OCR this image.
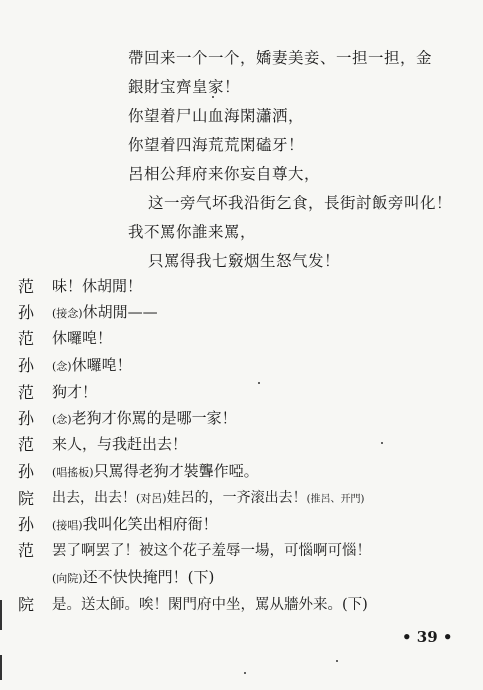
帶回来一个一个，嬌妻美妾、一担一担，金
銀財宝齊皇家！
你望着尸山血海閑瀟洒，
你望着四海荒荒閑磕牙！
呂相公拜府来你妄自尊大，
这一旁气坏我沿街乞食，長街討飯旁叫化！
我不罵你誰来罵，
只罵得我七竅烟生怒气发！
范 味！休胡閒！
孙 (接念)休胡閒——
范 休囉唣！
孙 (念)休囉唣！
范 狗才！
孙 (念)老狗才你罵的是哪一家！
范 来人，与我赶出去！
孙 (唱搖板)只罵得老狗才裝聾作啞。
院 出去，出去！(对呂)娃呂的，一齐滚出去！(推呂、开門)
孙 (接唱)我叫化笑出相府衙！
范 罢了啊罢了！被这个花子羞辱一場，可惱啊可惱！
(向院)还不快快掩門！(下)
院 是。送太師。唉！閑門府中坐，罵从牆外来。(下)
• 39 •
